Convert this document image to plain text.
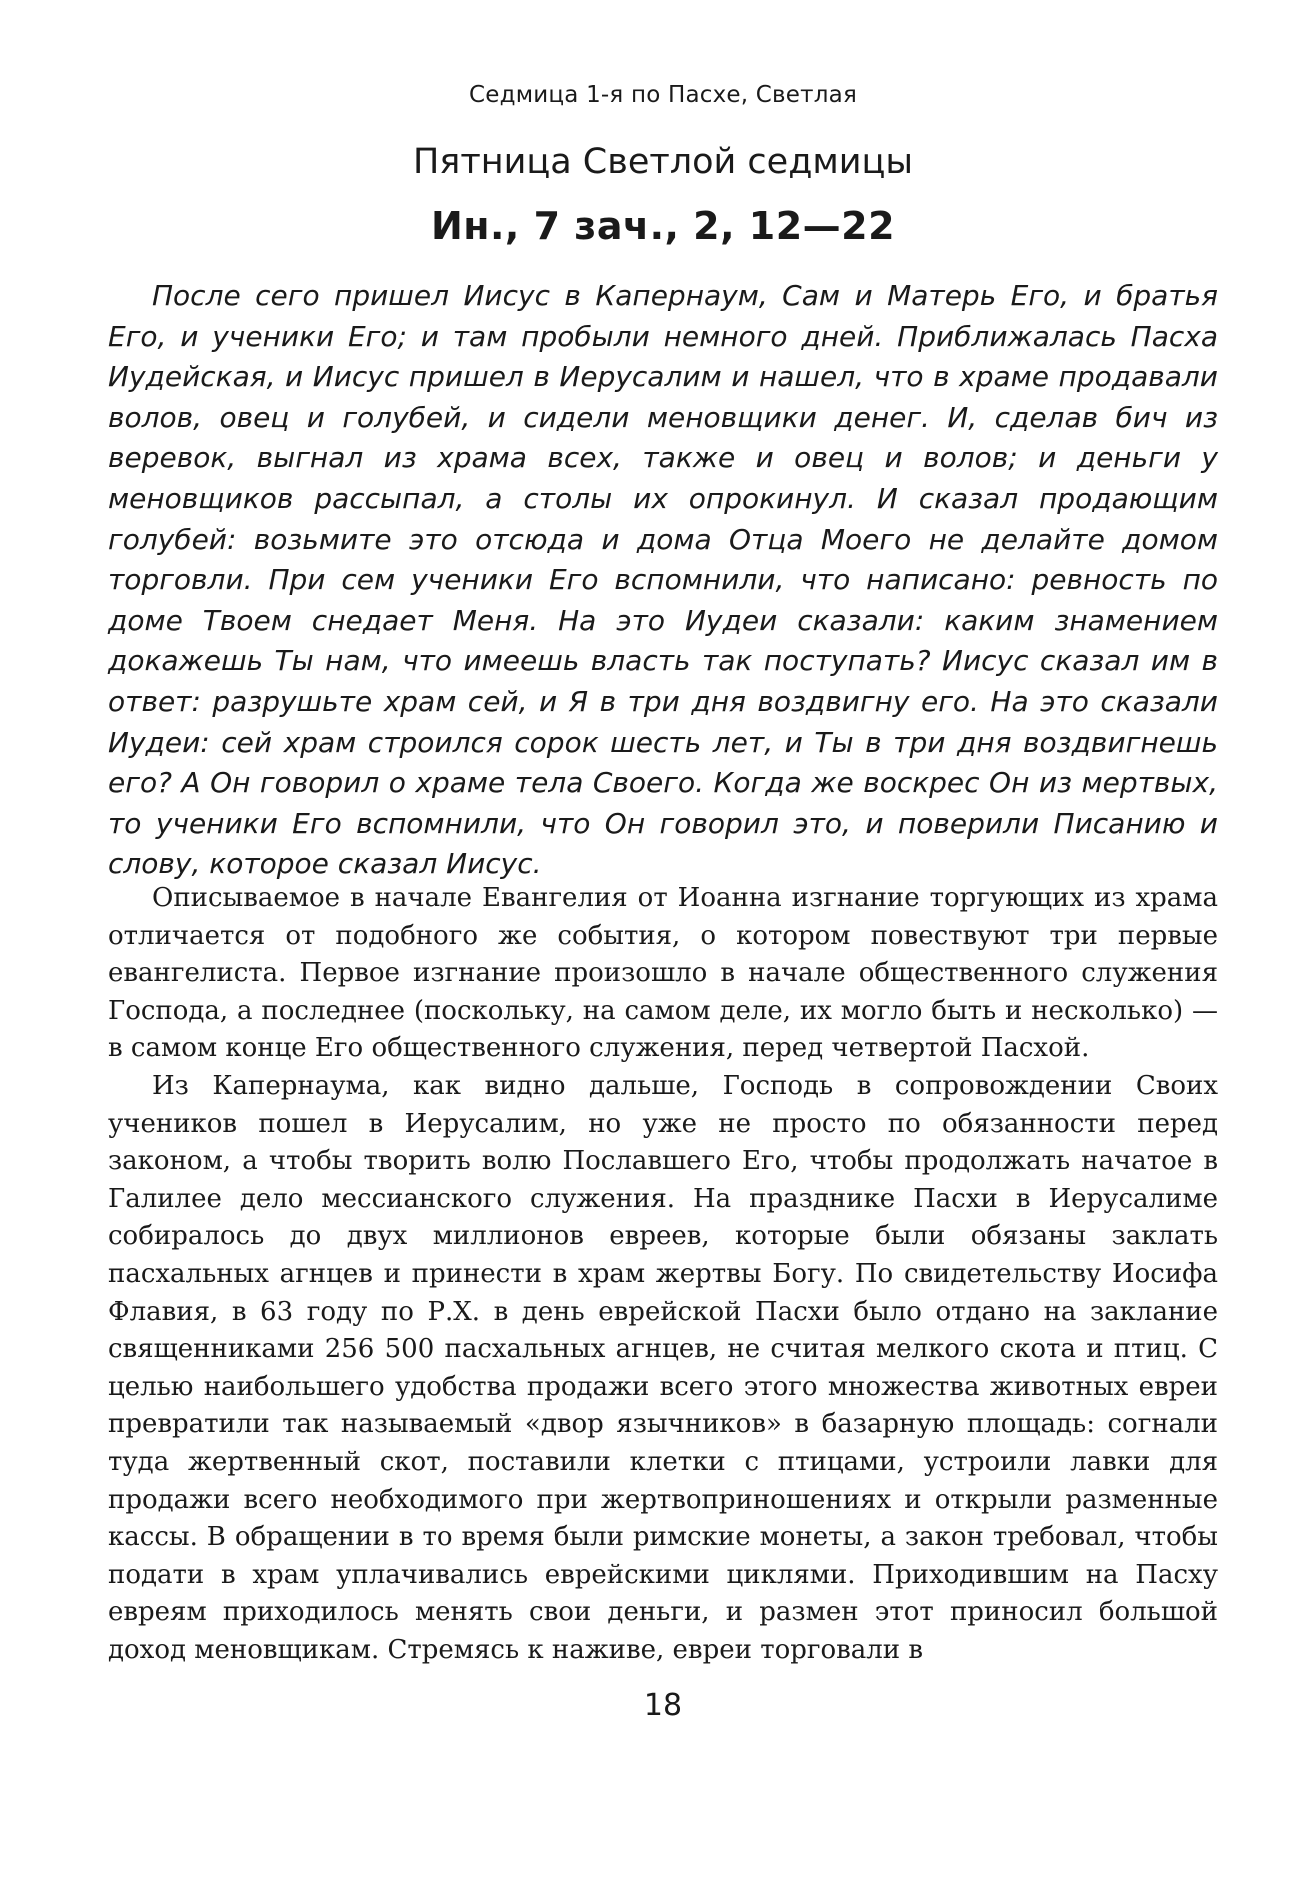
Седмица 1-я по Пасхе, Светлая
Пятница Светлой седмицы
Ин., 7 зач., 2, 12—22

После сего пришел Иисус в Капернаум, Сам и Матерь Его, и братья Его, и ученики Его; и там пробыли немного дней. Приближалась Пасха Иудейская, и Иисус пришел в Иерусалим и нашел, что в храме продавали волов, овец и голубей, и сидели меновщики денег. И, сделав бич из веревок, выгнал из храма всех, также и овец и волов; и деньги у меновщиков рассыпал, а столы их опрокинул. И сказал продающим голубей: возьмите это отсюда и дома Отца Моего не делайте домом торговли. При сем ученики Его вспомнили, что написано: ревность по доме Твоем снедает Меня. На это Иудеи сказали: каким знамением докажешь Ты нам, что имеешь власть так поступать? Иисус сказал им в ответ: разрушьте храм сей, и Я в три дня воздвигну его. На это сказали Иудеи: сей храм строился сорок шесть лет, и Ты в три дня воздвигнешь его? А Он говорил о храме тела Своего. Когда же воскрес Он из мертвых, то ученики Его вспомнили, что Он говорил это, и поверили Писанию и слову, которое сказал Иисус.

Описываемое в начале Евангелия от Иоанна изгнание торгующих из храма отличается от подобного же события, о котором повествуют три первые евангелиста. Первое изгнание произошло в начале общественного служения Господа, а последнее (поскольку, на самом деле, их могло быть и несколько) — в самом конце Его общественного служения, перед четвертой Пасхой.

Из Капернаума, как видно дальше, Господь в сопровождении Своих учеников пошел в Иерусалим, но уже не просто по обязанности перед законом, а чтобы творить волю Пославшего Его, чтобы продолжать начатое в Галилее дело мессианского служения. На празднике Пасхи в Иерусалиме собиралось до двух миллионов евреев, которые были обязаны заклать пасхальных агнцев и принести в храм жертвы Богу. По свидетельству Иосифа Флавия, в 63 году по Р.Х. в день еврейской Пасхи было отдано на заклание священниками 256 500 пасхальных агнцев, не считая мелкого скота и птиц. С целью наибольшего удобства продажи всего этого множества животных евреи превратили так называемый «двор язычников» в базарную площадь: согнали туда жертвенный скот, поставили клетки с птицами, устроили лавки для продажи всего необходимого при жертвоприношениях и открыли разменные кассы. В обращении в то время были римские монеты, а закон требовал, чтобы подати в храм уплачивались еврейскими циклями. Приходившим на Пасху евреям приходилось менять свои деньги, и размен этот приносил большой доход меновщикам. Стремясь к наживе, евреи торговали в

18
